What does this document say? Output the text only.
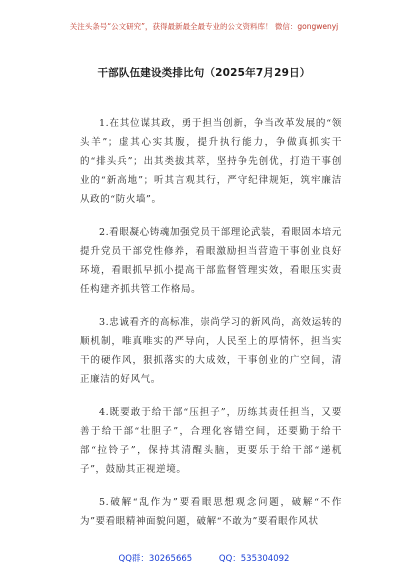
关注头条号“公文研究”，获得最新最全最专业的公文资料库！ 微信：gongwenyj
干部队伍建设类排比句（2025年7月29日）

1.在其位谋其政，勇于担当创新，争当改革发展的“领头羊”；虚其心实其腹，提升执行能力，争做真抓实干的“排头兵”；出其类拔其萃，坚持争先创优，打造干事创业的“新高地”；听其言观其行，严守纪律规矩，筑牢廉洁从政的“防火墙”。

2.看眼凝心铸魂加强党员干部理论武装，看眼固本培元提升党员干部党性修养，看眼激励担当营造干事创业良好环境，看眼抓早抓小提高干部监督管理实效，看眼压实责任构建齐抓共管工作格局。

3.忠诚看齐的高标准，崇尚学习的新风尚，高效运转的顺机制，唯真唯实的严导向，人民至上的厚情怀，担当实干的硬作风，狠抓落实的大成效，干事创业的广空间，清正廉洁的好风气。

4.既要敢于给干部“压担子”，历练其责任担当，又要善于给干部“壮胆子”，合理化容错空间，还要勤于给干部“拉铃子”，保持其清醒头脑，更要乐于给干部“递杌子”，鼓励其正视逆境。

5.破解“乱作为”要看眼思想观念问题，破解“不作为”要看眼精神面貌问题，破解“不敢为”要看眼作风状

QQ群：30265665	QQ：535304092
